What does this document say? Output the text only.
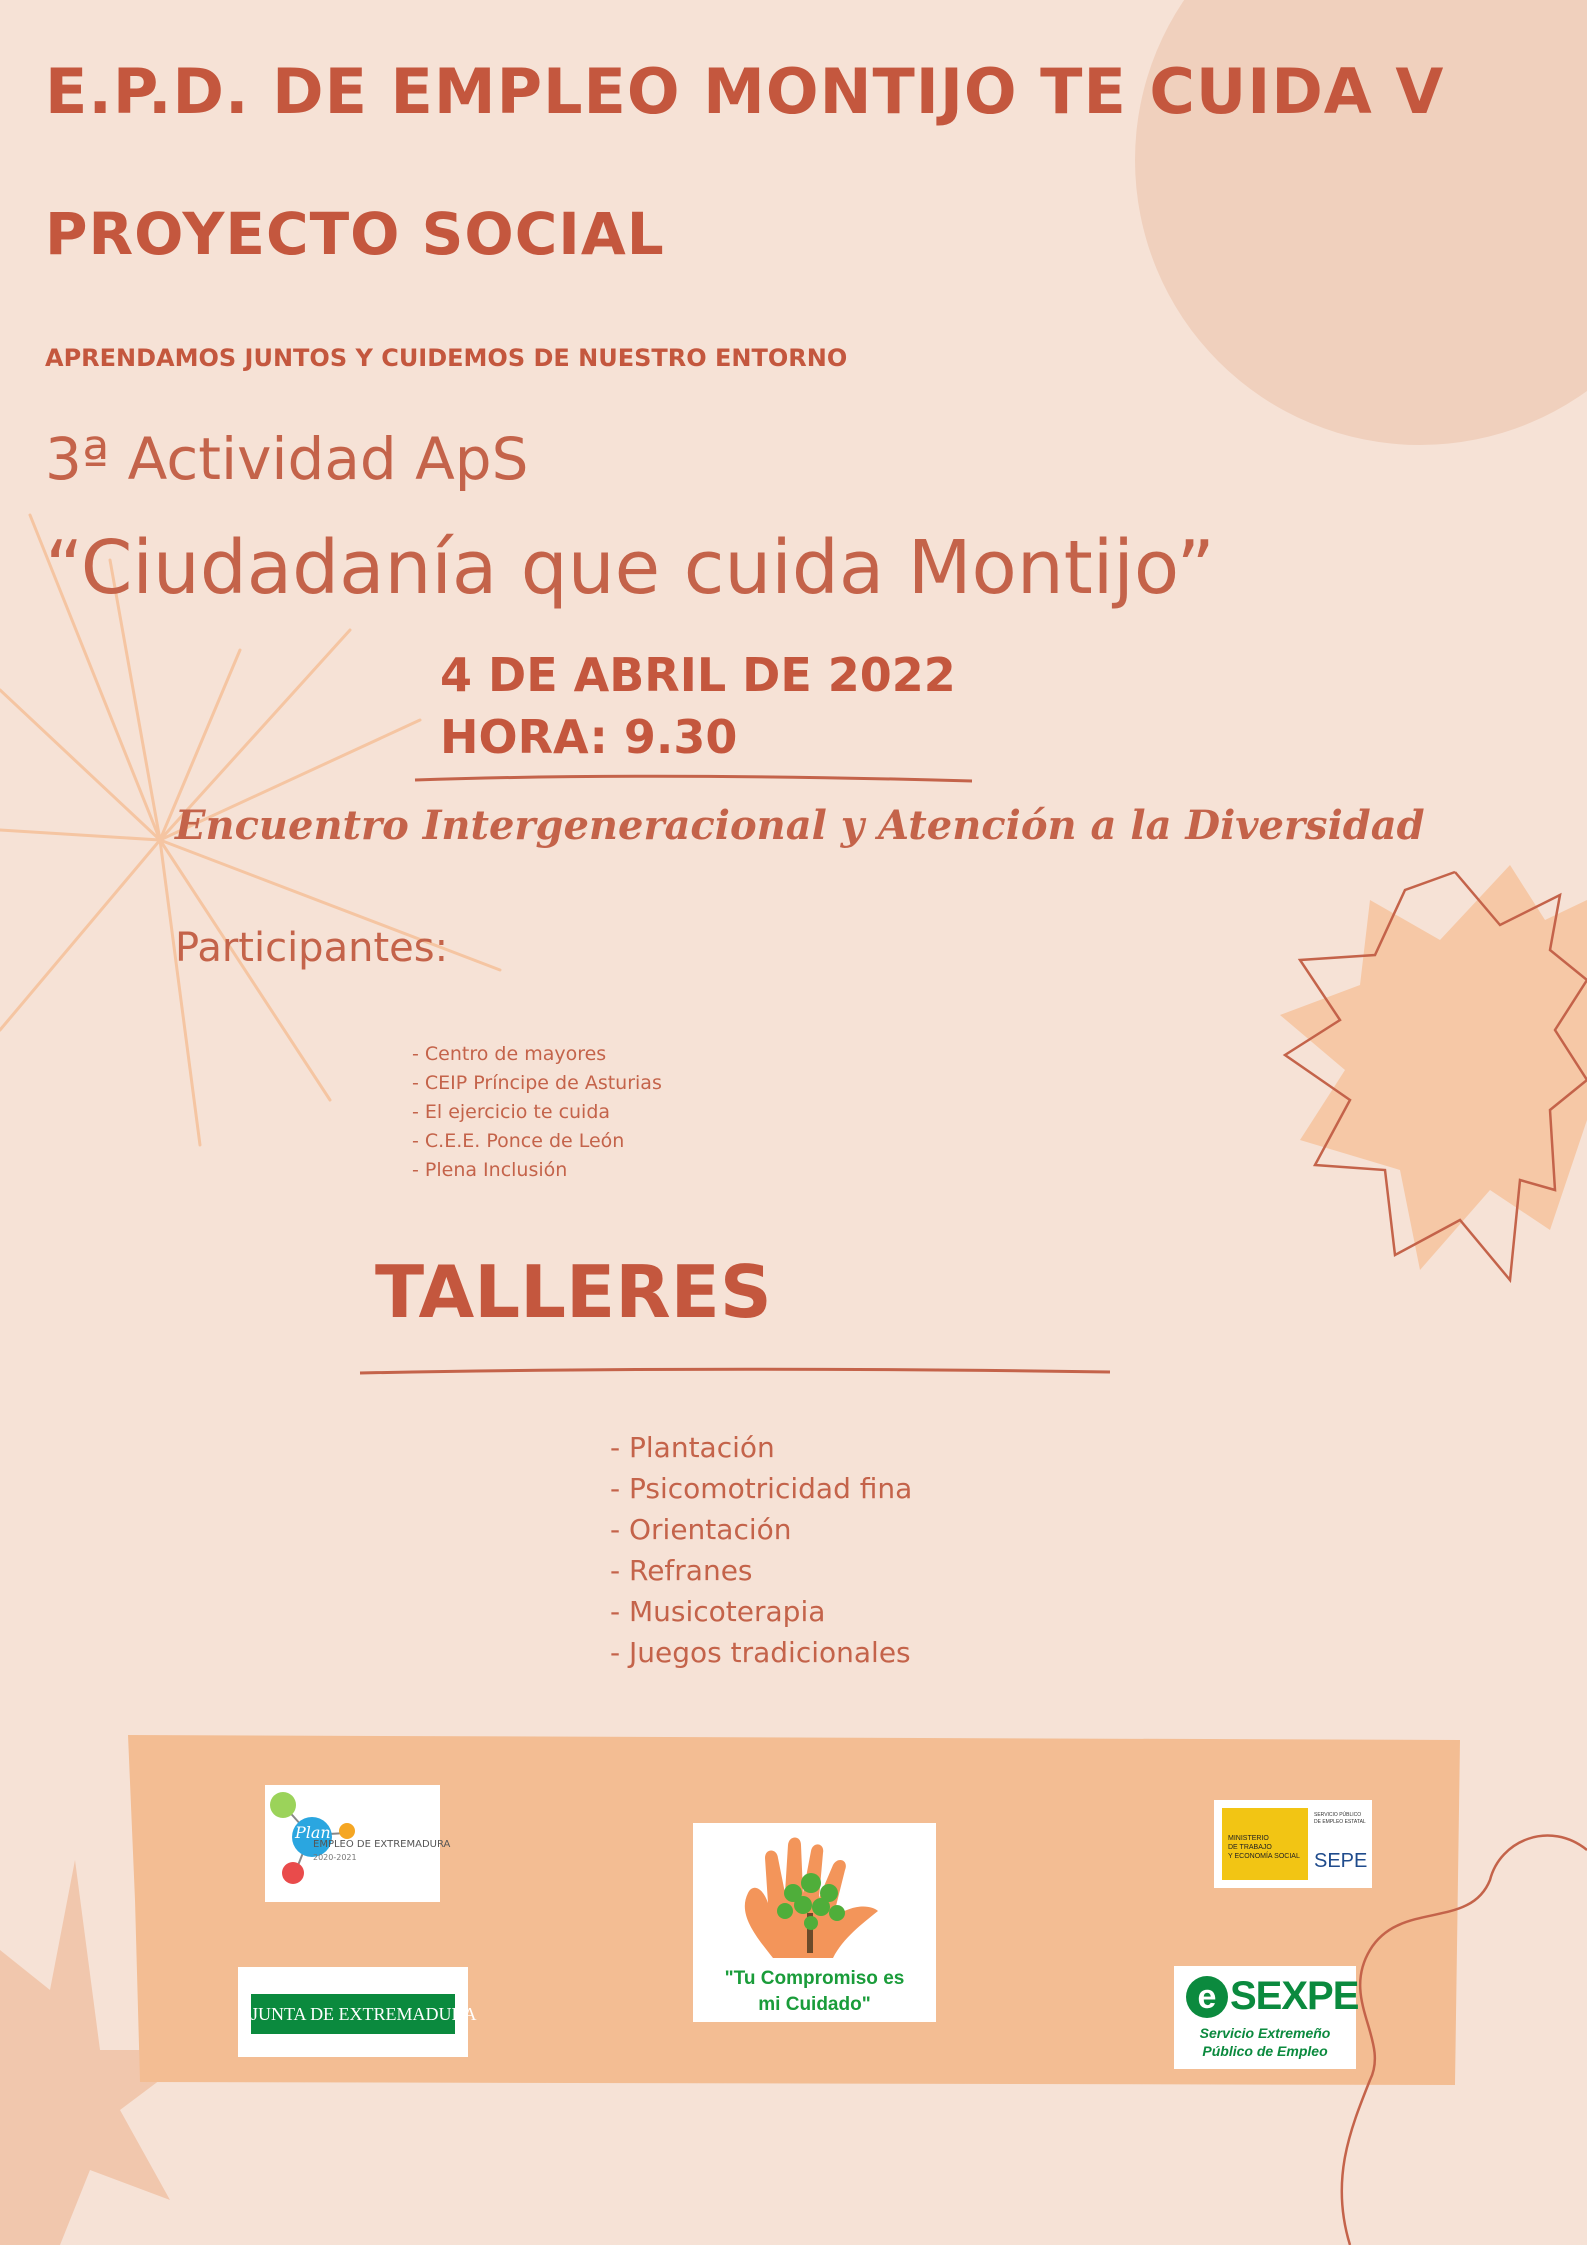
E.P.D. DE EMPLEO MONTIJO TE CUIDA V
PROYECTO SOCIAL
APRENDAMOS JUNTOS Y CUIDEMOS DE NUESTRO ENTORNO
3ª Actividad ApS
“Ciudadanía que cuida Montijo”
4 DE ABRIL DE 2022
HORA: 9.30
Encuentro Intergeneracional y Atención a la Diversidad
Participantes:
- Centro de mayores
- CEIP Príncipe de Asturias
- El ejercicio te cuida
- C.E.E. Ponce de León
- Plena Inclusión
TALLERES
- Plantación
- Psicomotricidad fina
- Orientación
- Refranes
- Musicoterapia
- Juegos tradicionales
Plan
EMPLEO DE EXTREMADURA
2020-2021
JUNTA DE EXTREMADURA
"Tu Compromiso es
mi Cuidado"
MINISTERIO
DE TRABAJO
Y ECONOMÍA SOCIAL
SERVICIO PÚBLICO
DE EMPLEO ESTATAL
SEPE
e SEXPE
Servicio Extremeño
Público de Empleo
